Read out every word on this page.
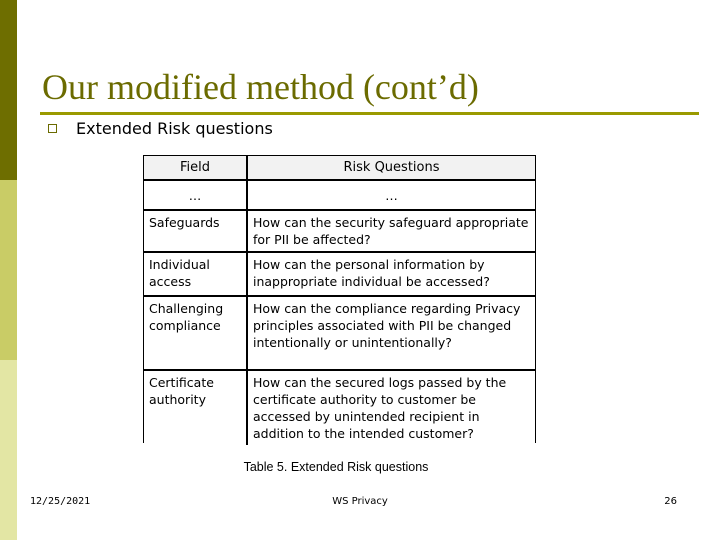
Our modified method (cont’d)
Extended Risk questions
Field	Risk Questions
…	…
Safeguards	How can the security safeguard appropriate for PII be affected?
Individual access	How can the personal information by inappropriate individual be accessed?
Challenging compliance	How can the compliance regarding Privacy principles associated with PII be changed intentionally or unintentionally?
Certificate authority	How can the secured logs passed by the certificate authority to customer be accessed by unintended recipient in addition to the intended customer?
Table 5. Extended Risk questions
12/25/2021	WS Privacy	26
